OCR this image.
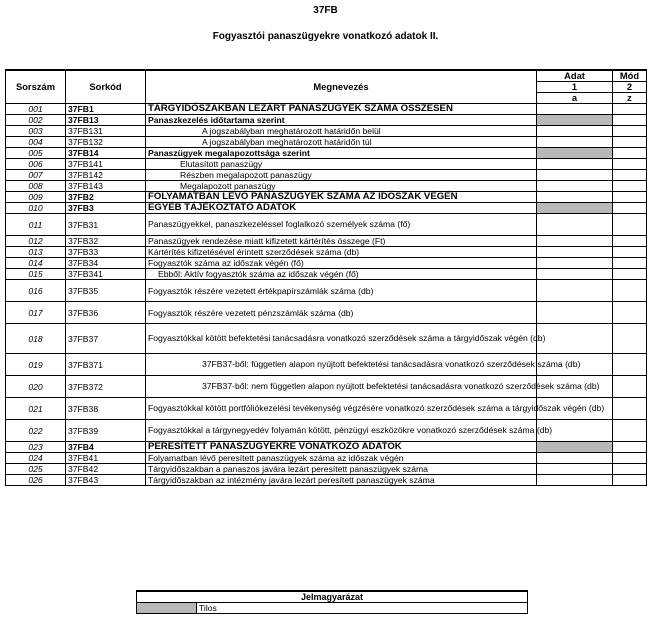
37FB
Fogyasztói panaszügyekre vonatkozó adatok II.
Sorszám	Sorkód	Megnevezés	Adat	Mód
			1	2
			a	z
001	37FB1	TÁRGYIDŐSZAKBAN LEZÁRT PANASZÜGYEK SZÁMA ÖSSZESEN		
002	37FB13	Panaszkezelés időtartama szerint		
003	37FB131	A jogszabályban meghatározott határidőn belül		
004	37FB132	A jogszabályban meghatározott határidőn túl		
005	37FB14	Panaszügyek megalapozottsága szerint		
006	37FB141	Elutasított panaszügy		
007	37FB142	Részben megalapozott panaszügy		
008	37FB143	Megalapozott panaszügy		
009	37FB2	FOLYAMATBAN LÉVŐ PANASZÜGYEK SZÁMA AZ IDŐSZAK VÉGÉN		
010	37FB3	EGYÉB TÁJÉKOZTATÓ ADATOK		
011	37FB31	Panaszügyekkel, panaszkezeléssel foglalkozó személyek száma (fő)		
012	37FB32	Panaszügyek rendezése miatt kifizetett kártérítés összege (Ft)		
013	37FB33	Kártérítés kifizetésével érintett szerződések száma (db)		
014	37FB34	Fogyasztók száma az időszak végén (fő)		
015	37FB341	Ebből: Aktív fogyasztók száma az időszak végén (fő)		
016	37FB35	Fogyasztók részére vezetett értékpapírszámlák száma (db)		
017	37FB36	Fogyasztók részére vezetett pénzszámlák száma (db)		
018	37FB37	Fogyasztókkal kötött befektetési tanácsadásra vonatkozó szerződések száma a tárgyidőszak végén (db)		
019	37FB371	37FB37-ből: független alapon nyújtott befektetési tanácsadásra vonatkozó szerződések száma (db)		
020	37FB372	37FB37-ből: nem független alapon nyújtott befektetési tanácsadásra vonatkozó szerződések száma (db)		
021	37FB38	Fogyasztókkal kötött portfóliókezelési tevékenység végzésére vonatkozó szerződések száma a tárgyidőszak végén (db)		
022	37FB39	Fogyasztókkal a tárgynegyedév folyamán kötött, pénzügyi eszközökre vonatkozó szerződések száma (db)		
023	37FB4	PERESÍTETT PANASZÜGYEKRE VONATKOZÓ ADATOK		
024	37FB41	Folyamatban lévő peresített panaszügyek száma az időszak végén		
025	37FB42	Tárgyidőszakban a panaszos javára lezárt peresített panaszügyek száma		
026	37FB43	Tárgyidőszakban az intézmény javára lezárt peresített panaszügyek száma		
Jelmagyarázat
	Tilos
